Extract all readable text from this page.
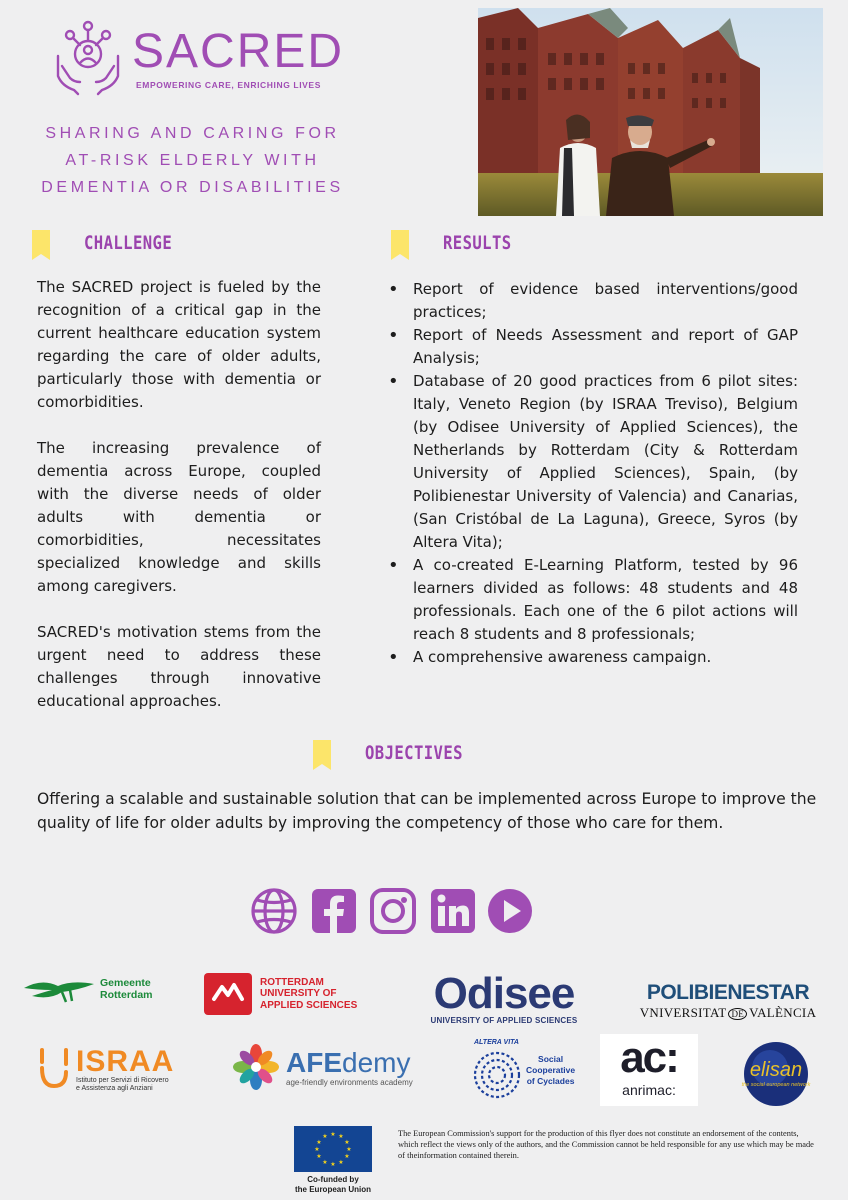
SACRED
EMPOWERING CARE, ENRICHING LIVES
SHARING AND CARING FOR
AT-RISK ELDERLY WITH
DEMENTIA OR DISABILITIES
CHALLENGE

The SACRED project is fueled by the recognition of a critical gap in the current healthcare education system regarding the care of older adults, particularly those with dementia or comorbidities.

The increasing prevalence of dementia across Europe, coupled with the diverse needs of older adults with dementia or comorbidities, necessitates specialized knowledge and skills among caregivers.

SACRED's motivation stems from the urgent need to address these challenges through innovative educational approaches.

RESULTS
• Report of evidence based interventions/good practices;
• Report of Needs Assessment and report of GAP Analysis;
• Database of 20 good practices from 6 pilot sites: Italy, Veneto Region (by ISRAA Treviso), Belgium (by Odisee University of Applied Sciences), the Netherlands by Rotterdam (City & Rotterdam University of Applied Sciences), Spain, (by Polibienestar University of Valencia) and Canarias, (San Cristóbal de La Laguna), Greece, Syros (by Altera Vita);
• A co-created E-Learning Platform, tested by 96 learners divided as follows: 48 students and 48 professionals. Each one of the 6 pilot actions will reach 8 students and 8 professionals;
• A comprehensive awareness campaign.
OBJECTIVES

Offering a scalable and sustainable solution that can be implemented across Europe to improve the quality of life for older adults by improving the competency of those who care for them.

Gemeente
Rotterdam
ROTTERDAM
UNIVERSITY OF
APPLIED SCIENCES Odisee
UNIVERSITY OF APPLIED SCIENCES
POLIBIENESTAR
VNIVERSITAT DE VALÈNCIA
ISRAA
Istituto per Servizi di Ricovero
e Assistenza agli Anziani
AFEdemy
age-friendly environments academy
ALTERA VITA
Social
Cooperative
of Cyclades	ac:
anrimac:
elisan
the social european network
★ ★
★
★
★
★
★
★
★
★
★
★
Co-funded by
the European Union

The European Commission's support for the production of this flyer does not constitute an endorsement of the contents, which reflect the views only of the authors, and the Commission cannot be held responsible for any use which may be made of theinformation contained therein.
